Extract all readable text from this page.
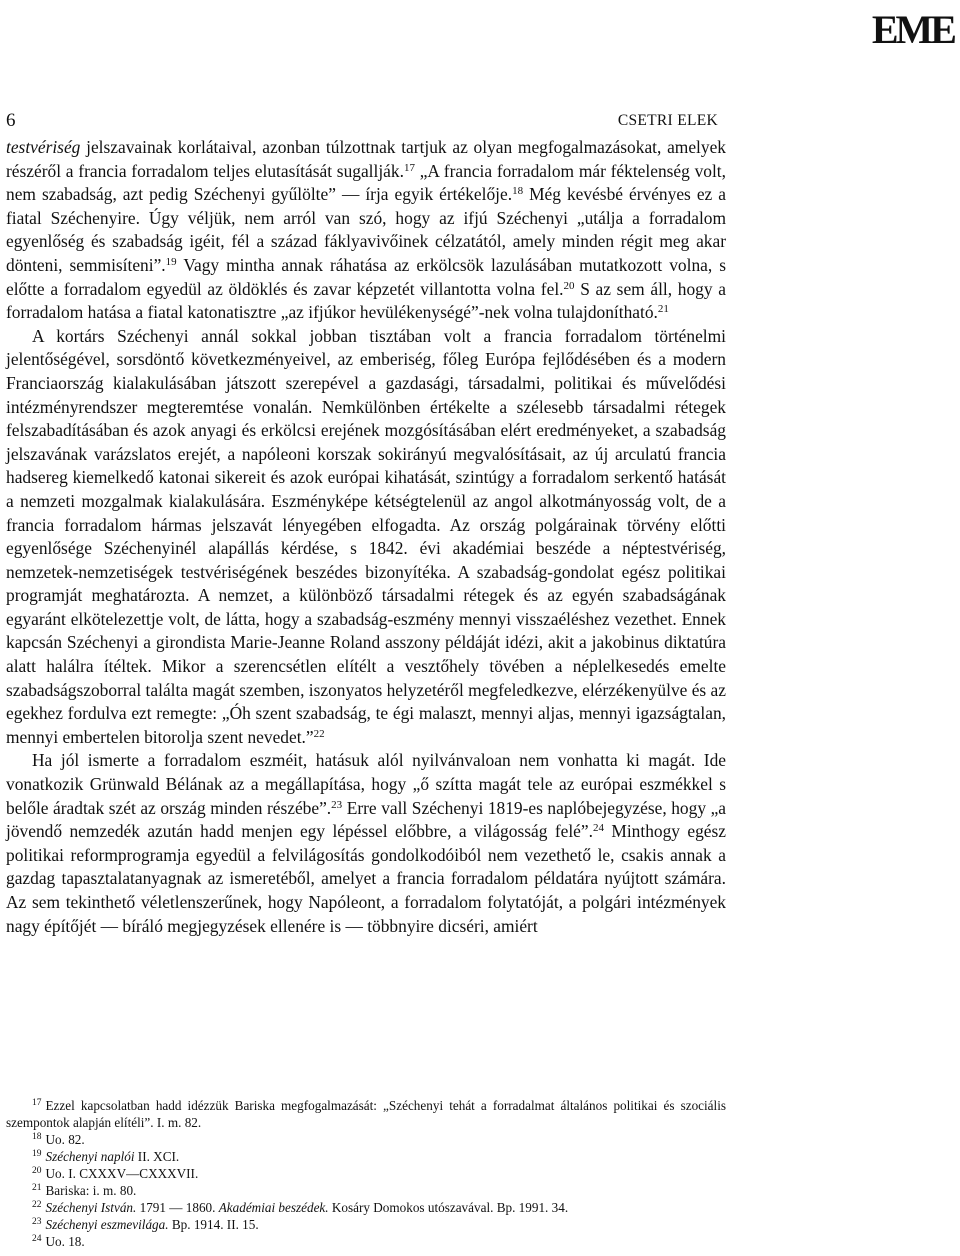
EME
6	CSETRI ELEK

testvériség jelszavainak korlátaival, azonban túlzottnak tartjuk az olyan megfogalmazásokat, amelyek részéről a francia forradalom teljes elutasítását sugallják.$^{17}$ „A francia forradalom már féktelenség volt, nem szabadság, azt pedig Széchenyi gyűlölte” — írja egyik értékelője.$^{18}$ Még kevésbé érvényes ez a fiatal Széchenyire. Úgy véljük, nem arról van szó, hogy az ifjú Széchenyi „utálja a forradalom egyenlőség és szabadság igéit, fél a század fáklyavivőinek célzatától, amely minden régit meg akar dönteni, semmisíteni”.$^{19}$ Vagy mintha annak ráhatása az erkölcsök lazulásában mutatkozott volna, s előtte a forradalom egyedül az öldöklés és zavar képzetét villantotta volna fel.$^{20}$ S az sem áll, hogy a forradalom hatása a fiatal katonatisztre „az ifjúkor hevülékenységé”-nek volna tulajdonítható.$^{21}$

A kortárs Széchenyi annál sokkal jobban tisztában volt a francia forradalom történelmi jelentőségével, sorsdöntő következményeivel, az emberiség, főleg Európa fejlődésében és a modern Franciaország kialakulásában játszott szerepével a gazdasági, társadalmi, politikai és művelődési intézményrendszer megteremtése vonalán. Nemkülönben értékelte a szélesebb társadalmi rétegek felszabadításában és azok anyagi és erkölcsi erejének mozgósításában elért eredményeket, a szabadság jelszavának varázslatos erejét, a napóleoni korszak sokirányú megvalósításait, az új arculatú francia hadsereg kiemelkedő katonai sikereit és azok európai kihatását, szintúgy a forradalom serkentő hatását a nemzeti mozgalmak kialakulására. Eszményképe kétségtelenül az angol alkotmányosság volt, de a francia forradalom hármas jelszavát lényegében elfogadta. Az ország polgárainak törvény előtti egyenlősége Széchenyinél alapállás kérdése, s 1842. évi akadémiai beszéde a néptestvériség, nemzetek-nemzetiségek testvériségének beszédes bizonyítéka. A szabadság-gondolat egész politikai programját meghatározta. A nemzet, a különböző társadalmi rétegek és az egyén szabadságának egyaránt elkötelezettje volt, de látta, hogy a szabadság-eszmény mennyi visszaéléshez vezethet. Ennek kapcsán Széchenyi a girondista Marie-Jeanne Roland asszony példáját idézi, akit a jakobinus diktatúra alatt halálra ítéltek. Mikor a szerencsétlen elítélt a vesztőhely tövében a néplelkesedés emelte szabadságszoborral találta magát szemben, iszonyatos helyzetéről megfeledkezve, elérzékenyülve és az egekhez fordulva ezt remegte: „Óh szent szabadság, te égi malaszt, mennyi aljas, mennyi igazságtalan, mennyi embertelen bitorolja szent nevedet.”$^{22}$

Ha jól ismerte a forradalom eszméit, hatásuk alól nyilvánvaloan nem vonhatta ki magát. Ide vonatkozik Grünwald Bélának az a megállapítása, hogy „ő szítta magát tele az európai eszmékkel s belőle áradtak szét az ország minden részébe”.$^{23}$ Erre vall Széchenyi 1819-es naplóbejegyzése, hogy „a jövendő nemzedék azután hadd menjen egy lépéssel előbbre, a világosság felé”.$^{24}$ Minthogy egész politikai reformprogramja egyedül a felvilágosítás gondolkodóiból nem vezethető le, csakis annak a gazdag tapasztalatanyagnak az ismeretéből, amelyet a francia forradalom példatára nyújtott számára. Az sem tekinthető véletlenszerűnek, hogy Napóleont, a forradalom folytatóját, a polgári intézmények nagy építőjét — bíráló megjegyzések ellenére is — többnyire dicséri, amiért

$^{17}$ Ezzel kapcsolatban hadd idézzük Bariska megfogalmazását: „Széchenyi tehát a forradalmat általános politikai és szociális szempontok alapján elítéli”. I. m. 82.

$^{18}$ Uo. 82.

$^{19}$ Széchenyi naplói II. XCI.

$^{20}$ Uo. I. CXXXV—CXXXVII.

$^{21}$ Bariska: i. m. 80.

$^{22}$ Széchenyi István. 1791 — 1860. Akadémiai beszédek. Kosáry Domokos utószavával. Bp. 1991. 34.

$^{23}$ Széchenyi eszmevilága. Bp. 1914. II. 15.

$^{24}$ Uo. 18.
